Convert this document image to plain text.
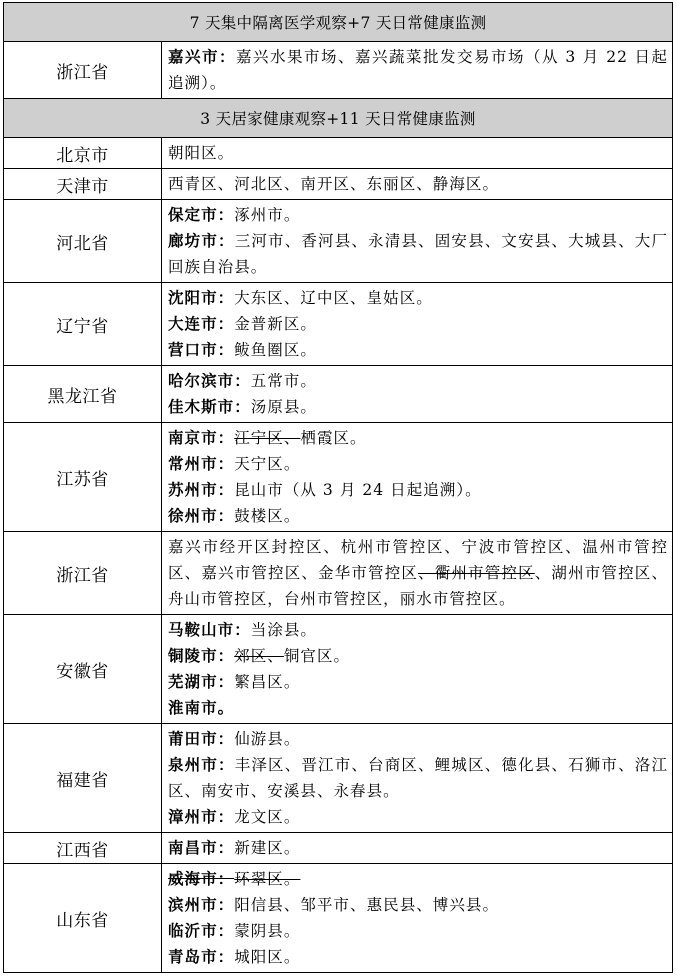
7 天集中隔离医学观察+7 天日常健康监测	
浙江省	嘉兴市：嘉兴水果市场、嘉兴蔬菜批发交易市场（从 3 月 22 日起追溯）。

3 天居家健康观察+11 天日常健康监测	
北京市	朝阳区。

天津市	西青区、河北区、南开区、东丽区、静海区。

河北省	保定市：涿州市。
廊坊市：三河市、香河县、永清县、固安县、文安县、大城县、大厂回族自治县。

辽宁省	沈阳市：大东区、辽中区、皇姑区。
大连市：金普新区。
营口市：鲅鱼圈区。

黑龙江省	哈尔滨市：五常市。
佳木斯市：汤原县。

江苏省	南京市：江宁区、栖霞区。
常州市：天宁区。
苏州市：昆山市（从 3 月 24 日起追溯）。
徐州市：鼓楼区。

浙江省	嘉兴市经开区封控区、杭州市管控区、宁波市管控区、温州市管控区、嘉兴市管控区、金华市管控区、衢州市管控区、湖州市管控区、舟山市管控区，台州市管控区，丽水市管控区。

安徽省	马鞍山市：当涂县。
铜陵市：郊区、铜官区。
芜湖市：繁昌区。
淮南市。

福建省	莆田市：仙游县。
泉州市：丰泽区、晋江市、台商区、鲤城区、德化县、石狮市、洛江区、南安市、安溪县、永春县。
漳州市：龙文区。

江西省	南昌市：新建区。

山东省	威海市：环翠区。
滨州市：阳信县、邹平市、惠民县、博兴县。
临沂市：蒙阴县。
青岛市：城阳区。
